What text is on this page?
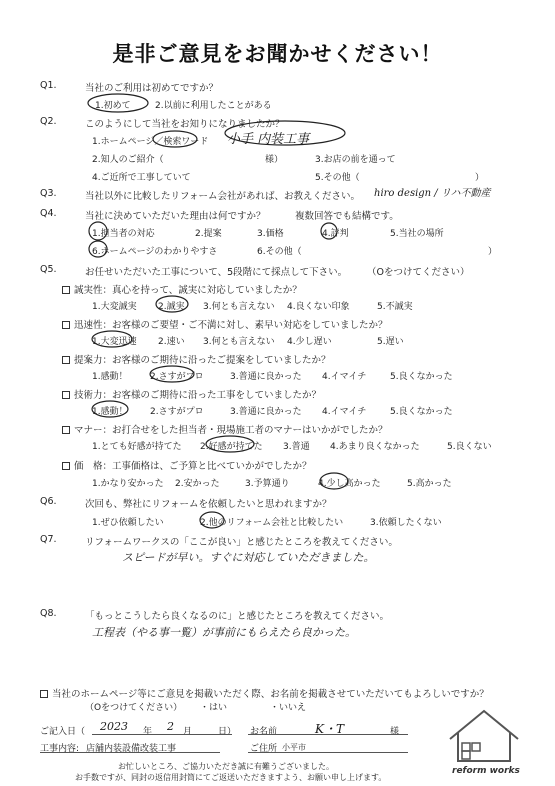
是非ご意見をお聞かせください！
Q1.	当社のご利用は初めてですか？
1.初めて	2.以前に利用したことがある
Q2.	このようにして当社をお知りになりましたか？
1.ホームページ／検索ワード 小手 内装工事
2.知人のご紹介（	様）	3.お店の前を通って
4.ご近所で工事していて	5.その他（	）
Q3.	当社以外に比較したリフォーム会社があれば、お教えください。 hiro design / リハ不動産
Q4.	当社に決めていただいた理由は何ですか？	複数回答でも結構です。
1.担当者の対応	2.提案	3.価格	4.評判	5.当社の場所
6.ホームページのわかりやすさ	6.その他（	）
Q5.	お任せいただいた工事について、5段階にて採点して下さい。 （Oをつけてください）
誠実性：真心を持って、誠実に対応していましたか？
1.大変誠実 2.誠実 3.何とも言えない 4.良くない印象	5.不誠実
迅速性：お客様のご要望・ご不満に対し、素早い対応をしていましたか？
1.大変迅速 2.速い 3.何とも言えない 4.少し遅い	5.遅い
提案力：お客様のご期待に沿ったご提案をしていましたか？
1.感動！ 2.さすがプロ	3.普通に良かった 4.イマイチ	5.良くなかった
技術力：お客様のご期待に沿った工事をしていましたか？
1.感動！ 2.さすがプロ	3.普通に良かった 4.イマイチ	5.良くなかった
マナー：お打合せをした担当者・現場施工者のマナーはいかがでしたか？
1.とても好感が持てた 2.好感が持てた 3.普通 4.あまり良くなかった	5.良くない
価　格：工事価格は、ご予算と比べていかがでしたか？
1.かなり安かった 2.安かった	3.予算通り	4.少し高かった	5.高かった
Q6.	次回も、弊社にリフォームを依頼したいと思われますか？
1.ぜひ依頼したい	2.他のリフォーム会社と比較したい	3.依頼したくない
Q7.	リフォームワークスの「ここが良い」と感じたところを教えてください。
スピードが早い。すぐに対応していただきました。
Q8.	「もっとこうしたら良くなるのに」と感じたところを教えてください。
工程表（やる事一覧）が事前にもらえたら良かった。
当社のホームページ等にご意見を掲載いただく際、お名前を掲載させていただいてもよろしいですか？
（Oをつけてください） ・はい	・いいえ
ご記入日（ 2023 年 2 月	日） お名前	K・T	様
工事内容: 店舗内装設備改装工事	ご住所 小平市
お忙しいところ、ご協力いただき誠に有難うございました。
お手数ですが、同封の返信用封筒にてご返送いただきますよう、お願い申し上げます。
reform works
